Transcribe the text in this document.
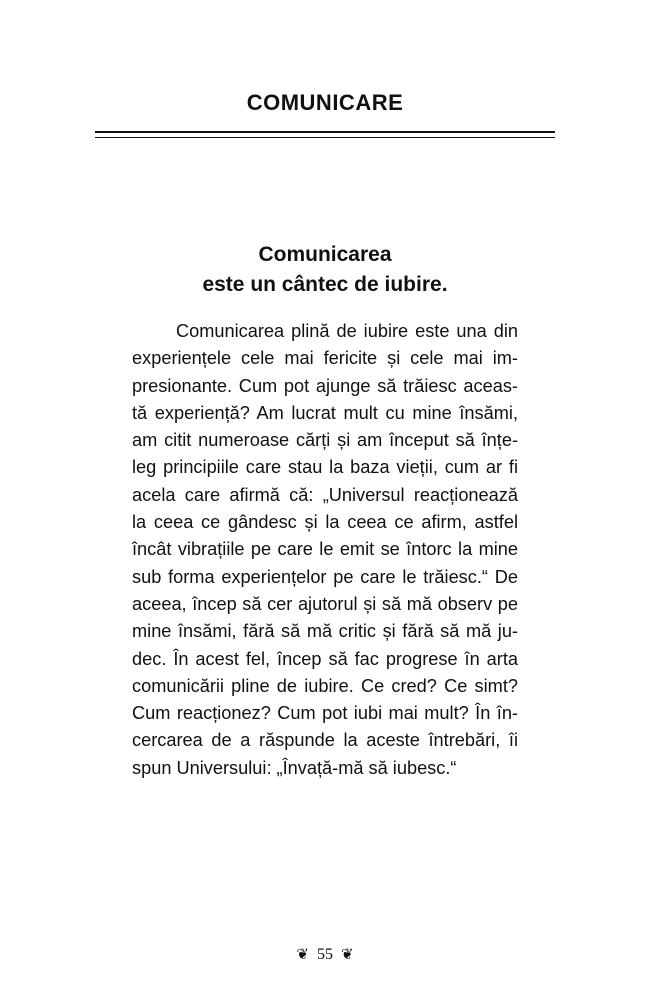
COMUNICARE
Comunicarea
este un cântec de iubire.
Comunicarea plină de iubire este una din
experiențele cele mai fericite și cele mai im-
presionante. Cum pot ajunge să trăiesc aceas-
tă experiență? Am lucrat mult cu mine însămi,
am citit numeroase cărți și am început să înțe-
leg principiile care stau la baza vieții, cum ar fi
acela care afirmă că: „Universul reacționează
la ceea ce gândesc și la ceea ce afirm, astfel
încât vibrațiile pe care le emit se întorc la mine
sub forma experiențelor pe care le trăiesc.“ De
aceea, încep să cer ajutorul și să mă observ pe
mine însămi, fără să mă critic și fără să mă ju-
dec. În acest fel, încep să fac progrese în arta
comunicării pline de iubire. Ce cred? Ce simt?
Cum reacționez? Cum pot iubi mai mult? În în-
cercarea de a răspunde la aceste întrebări, îi
spun Universului: „Învață-mă să iubesc.“
❦ 55 ❦
